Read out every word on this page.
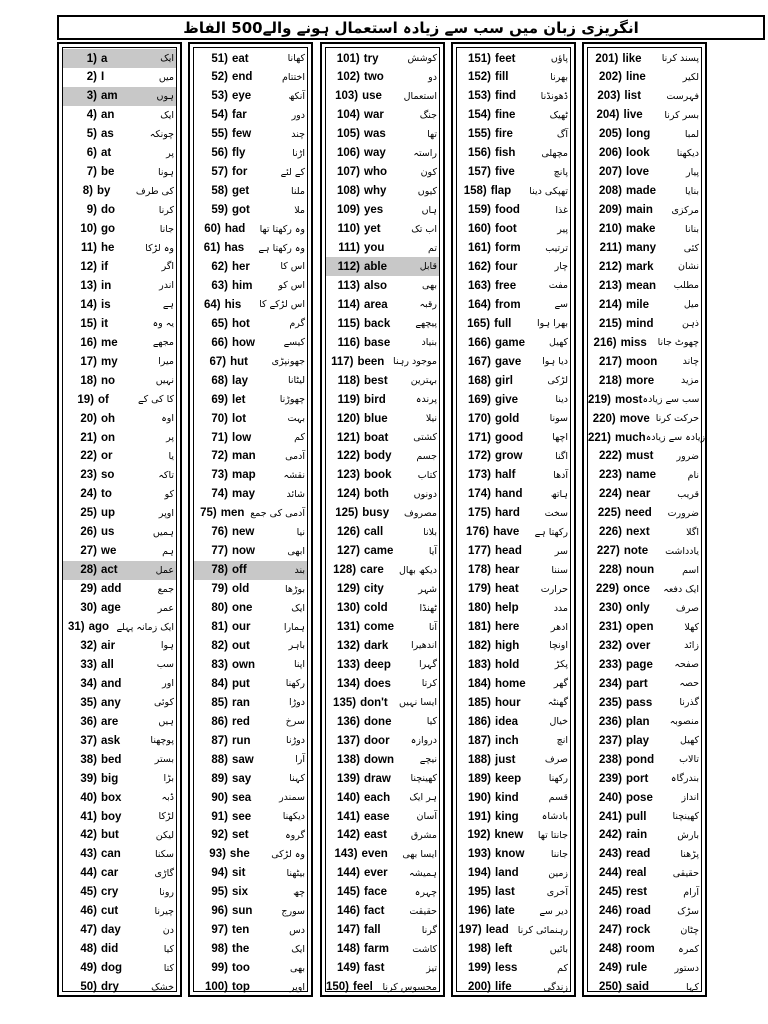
انگریزی زبان میں سب سے زیادہ استعمال ہونے والے500 الفاظ
1) a	ایک
2) I	میں
3) am	ہوں
4) an	ایک
5) as	چونکہ
6) at	پر
7) be	ہونا
8) by	کی طرف
9) do	کرنا
10) go	جانا
11) he	وہ لڑکا
12) if	اگر
13) in	اندر
14) is	ہے
15) it	یہ وہ
16) me	مجھے
17) my	میرا
18) no	نہیں
19) of	کا کی کے
20) oh	اوہ
21) on	پر
22) or	یا
23) so	تاکہ
24) to	کو
25) up	اوپر
26) us	ہمیں
27) we	ہم
28) act	عمل
29) add	جمع
30) age	عمر
31) ago ایک زمانہ پہلے
32) air	ہوا
33) all	سب
34) and	اور
35) any	کوئی
36) are	ہیں
37) ask	پوچھنا
38) bed	بستر
39) big	بڑا
40) box	ڈبہ
41) boy	لڑکا
42) but	لیکن
43) can	سکنا
44) car	گاڑی
45) cry	رونا
46) cut	چیرنا
47) day	دن
48) did	کیا
49) dog	کتا
50) dry	خشک
51) eat	کھانا
52) end	اختتام
53) eye	آنکھ
54) far	دور
55) few	چند
56) fly	اڑنا
57) for	کے لئے
58) get	ملنا
59) got	ملا
60) had	وہ رکھتا تھا
61) has	وہ رکھتا ہے
62) her	اس کا
63) him	اس کو
64) his	اس لڑکے کا
65) hot	گرم
66) how	کیسے
67) hut	جھونپڑی
68) lay	لیٹانا
69) let	چھوڑنا
70) lot	بہت
71) low	کم
72) man	آدمی
73) map	نقشہ
74) may	شائد
75) men آدمی کی جمع
76) new	نیا
77) now	ابھی
78) off	بند
79) old	بوڑھا
80) one	ایک
81) our	ہمارا
82) out	باہر
83) own	اپنا
84) put	رکھنا
85) ran	دوڑا
86) red	سرخ
87) run	دوڑنا
88) saw	آرا
89) say	کہنا
90) sea	سمندر
91) see	دیکھنا
92) set	گروہ
93) she	وہ لڑکی
94) sit	بیٹھنا
95) six	چھ
96) sun	سورج
97) ten	دس
98) the	ایک
99) too	بھی
100) top	اوپر
101) try	کوشش
102) two	دو
103) use	استعمال
104) war	جنگ
105) was	تھا
106) way	راستہ
107) who	کون
108) why	کیوں
109) yes	ہاں
110) yet	اب تک
111) you	تم
112) able	قابل
113) also	بھی
114) area	رقبہ
115) back	پیچھے
116) base	بنیاد
117) been موجود رہنا
118) best	بہترین
119) bird	پرندہ
120) blue	نیلا
121) boat	کشتی
122) body	جسم
123) book	کتاب
124) both	دونوں
125) busy	مصروف
126) call	بلانا
127) came	آیا
128) care	دیکھ بھال
129) city	شہر
130) cold	ٹھنڈا
131) come	آنا
132) dark	اندھیرا
133) deep	گہرا
134) does	کرتا
135) don't	ایسا نہیں
136) done	کیا
137) door	دروازہ
138) down	نیچے
139) draw	کھینچنا
140) each	ہر ایک
141) ease	آسان
142) east	مشرق
143) even	ایسا بھی
144) ever	ہمیشہ
145) face	چہرہ
146) fact	حقیقت
147) fall	گرنا
148) farm	کاشت
149) fast	تیز
150) feel	محسوس کرنا
151) feet	پاؤں
152) fill	بھرنا
153) find	ڈھونڈنا
154) fine	ٹھیک
155) fire	آگ
156) fish	مچھلی
157) five	پانچ
158) flap	تھپکی دینا
159) food	غذا
160) foot	پیر
161) form	ترتیب
162) four	چار
163) free	مفت
164) from	سے
165) full	بھرا ہوا
166) game	کھیل
167) gave	دیا ہوا
168) girl	لڑکی
169) give	دینا
170) gold	سونا
171) good	اچھا
172) grow	اگنا
173) half	آدھا
174) hand	ہاتھ
175) hard	سخت
176) have	رکھتا ہے
177) head	سر
178) hear	سننا
179) heat	حرارت
180) help	مدد
181) here	ادھر
182) high	اونچا
183) hold	پکڑ
184) home	گھر
185) hour	گھنٹہ
186) idea	خیال
187) inch	انچ
188) just	صرف
189) keep	رکھنا
190) kind	قسم
191) king	بادشاہ
192) knew	جانتا تھا
193) know	جاننا
194) land	زمین
195) last	آخری
196) late	دیر سے
197) lead رہنمائی کرنا
198) left	بائیں
199) less	کم
200) life	زندگی
201) like	پسند کرنا
202) line	لکیر
203) list	فہرست
204) live	بسر کرنا
205) long	لمبا
206) look	دیکھنا
207) love	پیار
208) made	بنایا
209) main	مرکزی
210) make	بنانا
211) many	کئی
212) mark	نشان
213) mean	مطلب
214) mile	میل
215) mind	ذہن
216) miss	چھوٹ جانا
217) moon	چاند
218) more	مزید
219) most سب سے زیادہ
220) move حرکت کرنا
221) much زیادہ سے زیادہ
222) must	ضرور
223) name	نام
224) near	قریب
225) need	ضرورت
226) next	اگلا
227) note	یادداشت
228) noun	اسم
229) once	ایک دفعہ
230) only	صرف
231) open	کھلا
232) over	زائد
233) page	صفحہ
234) part	حصہ
235) pass	گذرنا
236) plan	منصوبہ
237) play	کھیل
238) pond	تالاب
239) port	بندرگاہ
240) pose	انداز
241) pull	کھینچنا
242) rain	بارش
243) read	پڑھنا
244) real	حقیقی
245) rest	آرام
246) road	سڑک
247) rock	چٹان
248) room	کمرہ
249) rule	دستور
250) said	کہا
